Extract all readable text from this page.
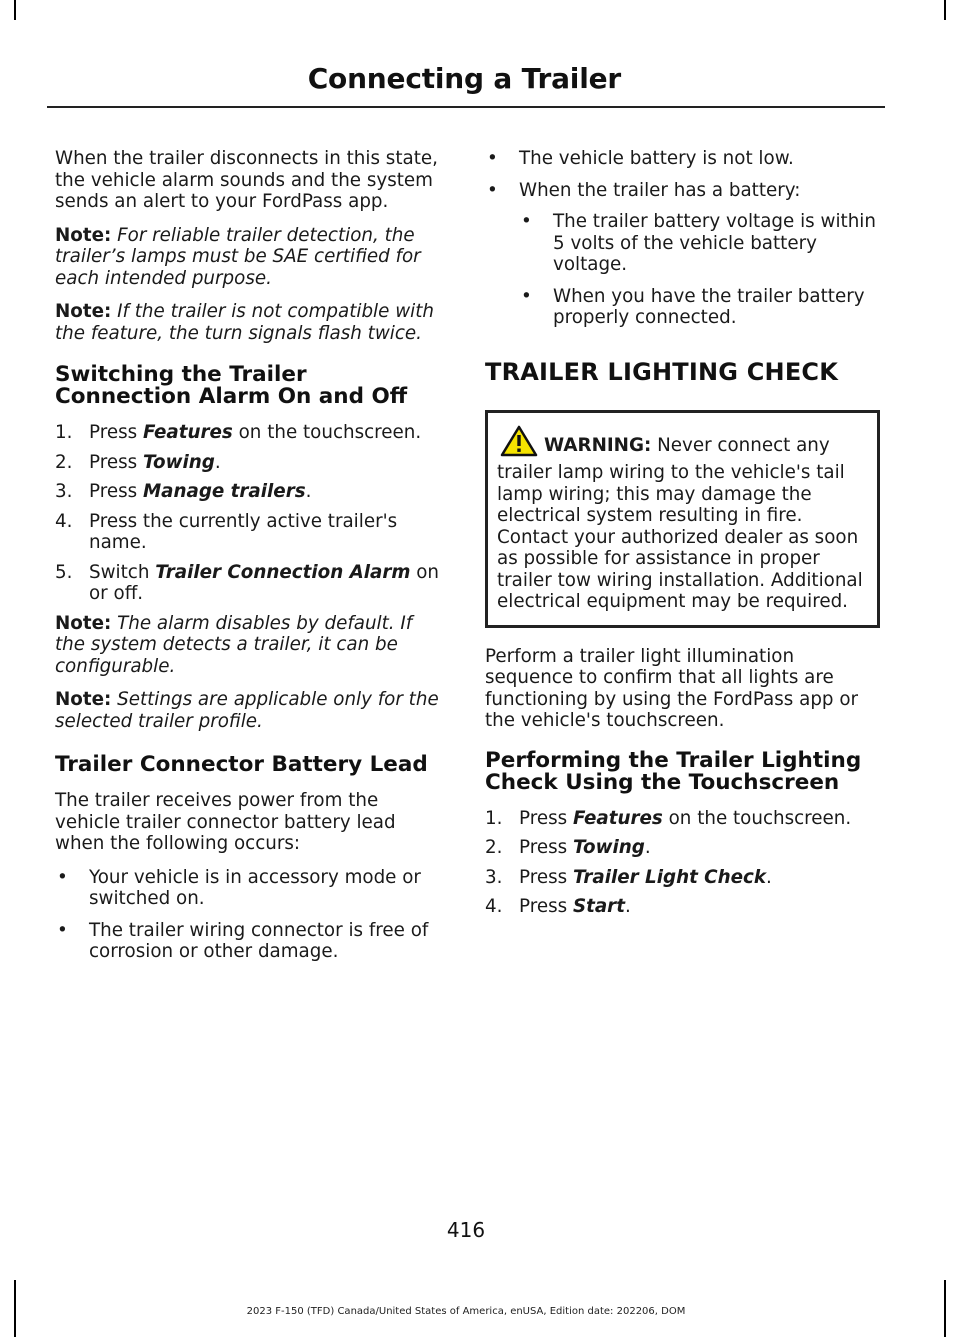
Connecting a Trailer

When the trailer disconnects in this state, the vehicle alarm sounds and the system sends an alert to your FordPass app.

Note: For reliable trailer detection, the trailer’s lamps must be SAE certified for each intended purpose.

Note: If the trailer is not compatible with the feature, the turn signals flash twice.

Switching the Trailer Connection Alarm On and Off
1. Press Features on the touchscreen.
2. Press Towing.
3. Press Manage trailers.
4. Press the currently active trailer's name.
5. Switch Trailer Connection Alarm on or off.

Note: The alarm disables by default. If the system detects a trailer, it can be configurable.

Note: Settings are applicable only for the selected trailer profile.

Trailer Connector Battery Lead

The trailer receives power from the vehicle trailer connector battery lead when the following occurs:

• Your vehicle is in accessory mode or switched on.
• The trailer wiring connector is free of corrosion or other damage.
• The vehicle battery is not low.
• When the trailer has a battery:
• The trailer battery voltage is within 5 volts of the vehicle battery voltage.
• When you have the trailer battery properly connected.
TRAILER LIGHTING CHECK

WARNING: Never connect any trailer lamp wiring to the vehicle's tail lamp wiring; this may damage the electrical system resulting in fire. Contact your authorized dealer as soon as possible for assistance in proper trailer tow wiring installation. Additional electrical equipment may be required.

Perform a trailer light illumination sequence to confirm that all lights are functioning by using the FordPass app or the vehicle's touchscreen.

Performing the Trailer Lighting Check Using the Touchscreen
1. Press Features on the touchscreen.
2. Press Towing.
3. Press Trailer Light Check.
4. Press Start.
416
2023 F-150 (TFD) Canada/United States of America, enUSA, Edition date: 202206, DOM
